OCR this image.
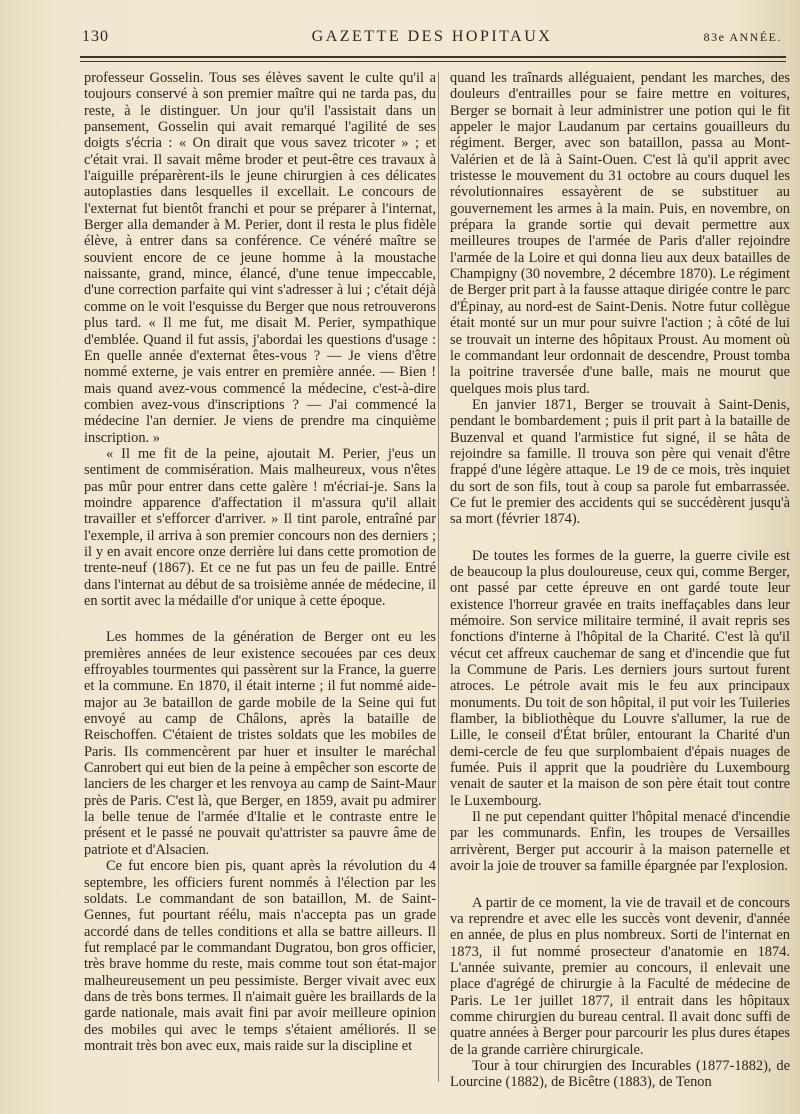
130	GAZETTE DES HOPITAUX	83e ANNÉE.

professeur Gosselin. Tous ses élèves savent le culte qu'il a toujours conservé à son premier maître qui ne tarda pas, du reste, à le distinguer. Un jour qu'il l'assistait dans un pansement, Gosselin qui avait remarqué l'agilité de ses doigts s'écria : « On dirait que vous savez tricoter » ; et c'était vrai. Il savait même broder et peut-être ces travaux à l'aiguille préparèrent-ils le jeune chirurgien à ces délicates autoplasties dans lesquelles il excellait. Le concours de l'externat fut bientôt franchi et pour se préparer à l'internat, Berger alla demander à M. Perier, dont il resta le plus fidèle élève, à entrer dans sa conférence. Ce vénéré maître se souvient encore de ce jeune homme à la moustache naissante, grand, mince, élancé, d'une tenue impeccable, d'une correction parfaite qui vint s'adresser à lui ; c'était déjà comme on le voit l'esquisse du Berger que nous retrouverons plus tard. « Il me fut, me disait M. Perier, sympathique d'emblée. Quand il fut assis, j'abordai les questions d'usage : En quelle année d'externat êtes-vous ? — Je viens d'être nommé externe, je vais entrer en première année. — Bien ! mais quand avez-vous commencé la médecine, c'est-à-dire combien avez-vous d'inscriptions ? — J'ai commencé la médecine l'an dernier. Je viens de prendre ma cinquième inscription. »

« Il me fit de la peine, ajoutait M. Perier, j'eus un sentiment de commisération. Mais malheureux, vous n'êtes pas mûr pour entrer dans cette galère ! m'écriai-je. Sans la moindre apparence d'affectation il m'assura qu'il allait travailler et s'efforcer d'arriver. » Il tint parole, entraîné par l'exemple, il arriva à son premier concours non des derniers ; il y en avait encore onze derrière lui dans cette promotion de trente-neuf (1867). Et ce ne fut pas un feu de paille. Entré dans l'internat au début de sa troisième année de médecine, il en sortit avec la médaille d'or unique à cette époque.

Les hommes de la génération de Berger ont eu les premières années de leur existence secouées par ces deux effroyables tourmentes qui passèrent sur la France, la guerre et la commune. En 1870, il était interne ; il fut nommé aide-major au 3e bataillon de garde mobile de la Seine qui fut envoyé au camp de Châlons, après la bataille de Reischoffen. C'étaient de tristes soldats que les mobiles de Paris. Ils commencèrent par huer et insulter le maréchal Canrobert qui eut bien de la peine à empêcher son escorte de lanciers de les charger et les renvoya au camp de Saint-Maur près de Paris. C'est là, que Berger, en 1859, avait pu admirer la belle tenue de l'armée d'Italie et le contraste entre le présent et le passé ne pouvait qu'attrister sa pauvre âme de patriote et d'Alsacien.

Ce fut encore bien pis, quant après la révolution du 4 septembre, les officiers furent nommés à l'élection par les soldats. Le commandant de son bataillon, M. de Saint-Gennes, fut pourtant réélu, mais n'accepta pas un grade accordé dans de telles conditions et alla se battre ailleurs. Il fut remplacé par le commandant Dugratou, bon gros officier, très brave homme du reste, mais comme tout son état-major malheureusement un peu pessimiste. Berger vivait avec eux dans de très bons termes. Il n'aimait guère les braillards de la garde nationale, mais avait fini par avoir meilleure opinion des mobiles qui avec le temps s'étaient améliorés. Il se montrait très bon avec eux, mais raide sur la discipline et

quand les traînards alléguaient, pendant les marches, des douleurs d'entrailles pour se faire mettre en voitures, Berger se bornait à leur administrer une potion qui le fit appeler le major Laudanum par certains gouailleurs du régiment. Berger, avec son bataillon, passa au Mont-Valérien et de là à Saint-Ouen. C'est là qu'il apprit avec tristesse le mouvement du 31 octobre au cours duquel les révolutionnaires essayèrent de se substituer au gouvernement les armes à la main. Puis, en novembre, on prépara la grande sortie qui devait permettre aux meilleures troupes de l'armée de Paris d'aller rejoindre l'armée de la Loire et qui donna lieu aux deux batailles de Champigny (30 novembre, 2 décembre 1870). Le régiment de Berger prit part à la fausse attaque dirigée contre le parc d'Épinay, au nord-est de Saint-Denis. Notre futur collègue était monté sur un mur pour suivre l'action ; à côté de lui se trouvait un interne des hôpitaux Proust. Au moment où le commandant leur ordonnait de descendre, Proust tomba la poitrine traversée d'une balle, mais ne mourut que quelques mois plus tard.

En janvier 1871, Berger se trouvait à Saint-Denis, pendant le bombardement ; puis il prit part à la bataille de Buzenval et quand l'armistice fut signé, il se hâta de rejoindre sa famille. Il trouva son père qui venait d'être frappé d'une légère attaque. Le 19 de ce mois, très inquiet du sort de son fils, tout à coup sa parole fut embarrassée. Ce fut le premier des accidents qui se succédèrent jusqu'à sa mort (février 1874).

De toutes les formes de la guerre, la guerre civile est de beaucoup la plus douloureuse, ceux qui, comme Berger, ont passé par cette épreuve en ont gardé toute leur existence l'horreur gravée en traits ineffaçables dans leur mémoire. Son service militaire terminé, il avait repris ses fonctions d'interne à l'hôpital de la Charité. C'est là qu'il vécut cet affreux cauchemar de sang et d'incendie que fut la Commune de Paris. Les derniers jours surtout furent atroces. Le pétrole avait mis le feu aux principaux monuments. Du toit de son hôpital, il put voir les Tuileries flamber, la bibliothèque du Louvre s'allumer, la rue de Lille, le conseil d'État brûler, entourant la Charité d'un demi-cercle de feu que surplombaient d'épais nuages de fumée. Puis il apprit que la poudrière du Luxembourg venait de sauter et la maison de son père était tout contre le Luxembourg.

Il ne put cependant quitter l'hôpital menacé d'incendie par les communards. Enfin, les troupes de Versailles arrivèrent, Berger put accourir à la maison paternelle et avoir la joie de trouver sa famille épargnée par l'explosion.

A partir de ce moment, la vie de travail et de concours va reprendre et avec elle les succès vont devenir, d'année en année, de plus en plus nombreux. Sorti de l'internat en 1873, il fut nommé prosecteur d'anatomie en 1874. L'année suivante, premier au concours, il enlevait une place d'agrégé de chirurgie à la Faculté de médecine de Paris. Le 1er juillet 1877, il entrait dans les hôpitaux comme chirurgien du bureau central. Il avait donc suffi de quatre années à Berger pour parcourir les plus dures étapes de la grande carrière chirurgicale.

Tour à tour chirurgien des Incurables (1877-1882), de Lourcine (1882), de Bicêtre (1883), de Tenon
